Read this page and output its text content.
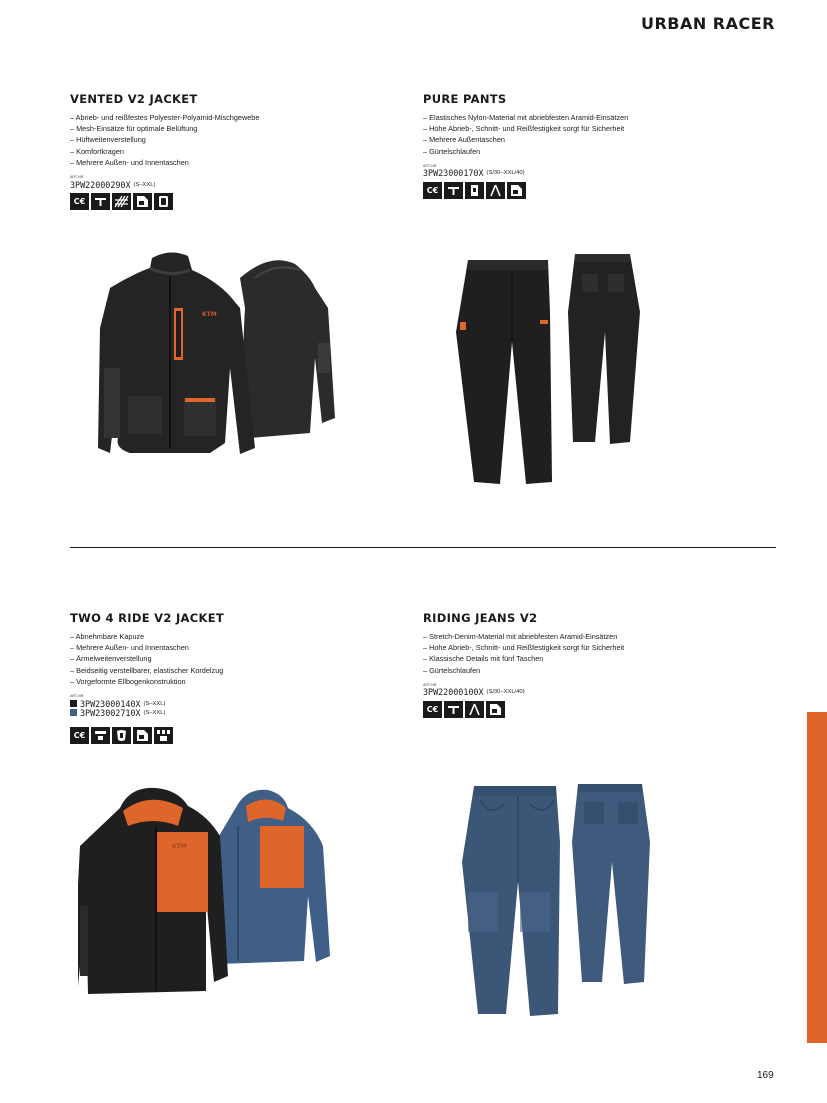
URBAN RACER
VENTED V2 JACKET
– Abrieb- und reißfestes Polyester-Polyamid-Mischgewebe
– Mesh-Einsätze für optimale Belüftung
– Hüftweitenverstellung
– Komfortkragen
– Mehrere Außen- und Innentaschen
ART-NR.
3PW22000290X (S–XXL)
C€
KTM
PURE PANTS
– Elastisches Nylon-Material mit abriebfesten Aramid-Einsätzen
– Hohe Abrieb-, Schnitt- und Reißfestigkeit sorgt für Sicherheit
– Mehrere Außentaschen
– Gürtelschlaufen
ART-NR.
3PW23000170X (S/30–XXL/40)
C€
TWO 4 RIDE V2 JACKET
– Abnehmbare Kapuze
– Mehrere Außen- und Innentaschen
– Ärmelweitenverstellung
– Beidseitig verstellbarer, elastischer Kordelzug
– Vorgeformte Ellbogenkonstruktion
ART-NR.
3PW23000140X (S–XXL)
3PW23002710X (S–XXL)
C€
KTM
RIDING JEANS V2
– Stretch-Denim-Material mit abriebfesten Aramid-Einsätzen
– Hohe Abrieb-, Schnitt- und Reißfestigkeit sorgt für Sicherheit
– Klassische Details mit fünf Taschen
– Gürtelschlaufen
ART-NR.
3PW22000100X (S/30–XXL/40)
C€
169
